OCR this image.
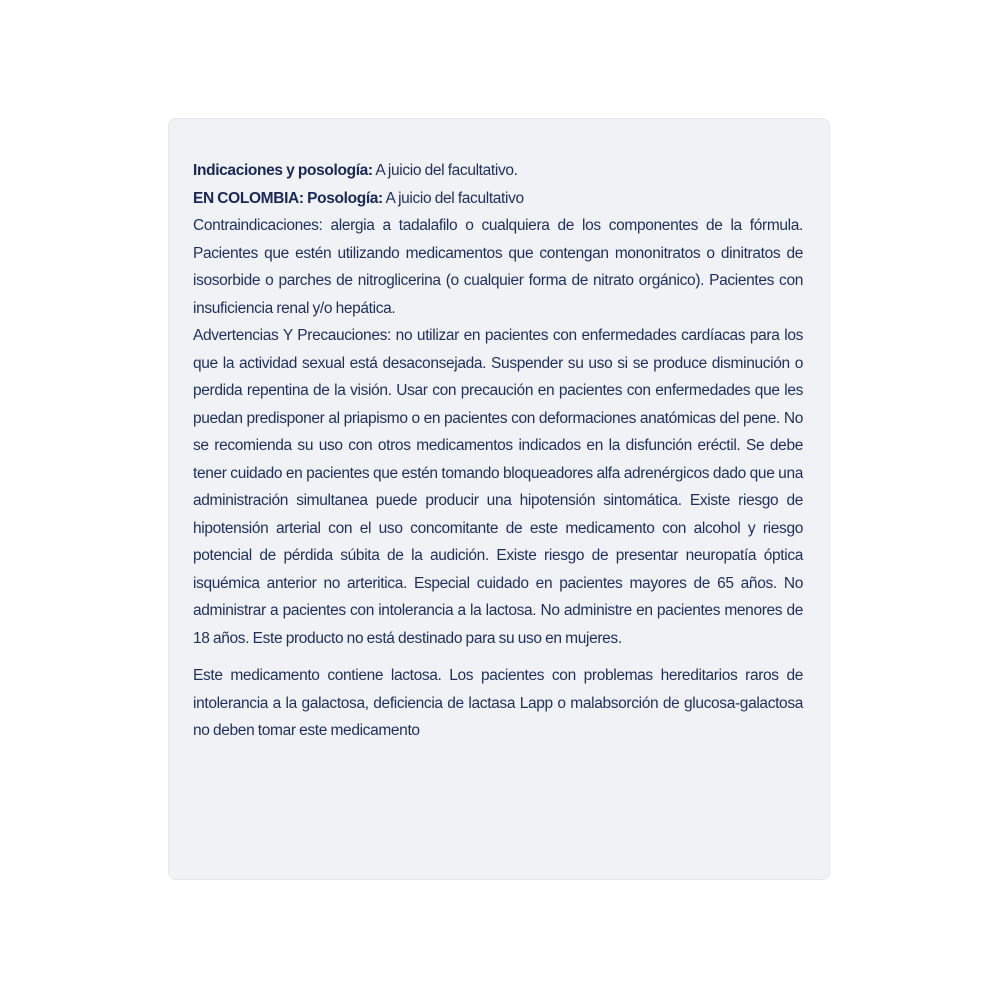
Indicaciones y posología: A juicio del facultativo.

EN COLOMBIA: Posología: A juicio del facultativo

Contraindicaciones: alergia a tadalafilo o cualquiera de los componentes de la fórmula. Pacientes que estén utilizando medicamentos que contengan mononitratos o dinitratos de isosorbide o parches de nitroglicerina (o cualquier forma de nitrato orgánico). Pacientes con insuficiencia renal y/o hepática.

Advertencias Y Precauciones: no utilizar en pacientes con enfermedades cardíacas para los que la actividad sexual está desaconsejada. Suspender su uso si se produce disminución o perdida repentina de la visión. Usar con precaución en pacientes con enfermedades que les puedan predisponer al priapismo o en pacientes con deformaciones anatómicas del pene. No se recomienda su uso con otros medicamentos indicados en la disfunción eréctil. Se debe tener cuidado en pacientes que estén tomando bloqueadores alfa adrenérgicos dado que una administración simultanea puede producir una hipotensión sintomática. Existe riesgo de hipotensión arterial con el uso concomitante de este medicamento con alcohol y riesgo potencial de pérdida súbita de la audición. Existe riesgo de presentar neuropatía óptica isquémica anterior no arteritica. Especial cuidado en pacientes mayores de 65 años. No administrar a pacientes con intolerancia a la lactosa. No administre en pacientes menores de 18 años. Este producto no está destinado para su uso en mujeres.

Este medicamento contiene lactosa. Los pacientes con problemas hereditarios raros de intolerancia a la galactosa, deficiencia de lactasa Lapp o malabsorción de glucosa-galactosa no deben tomar este medicamento
